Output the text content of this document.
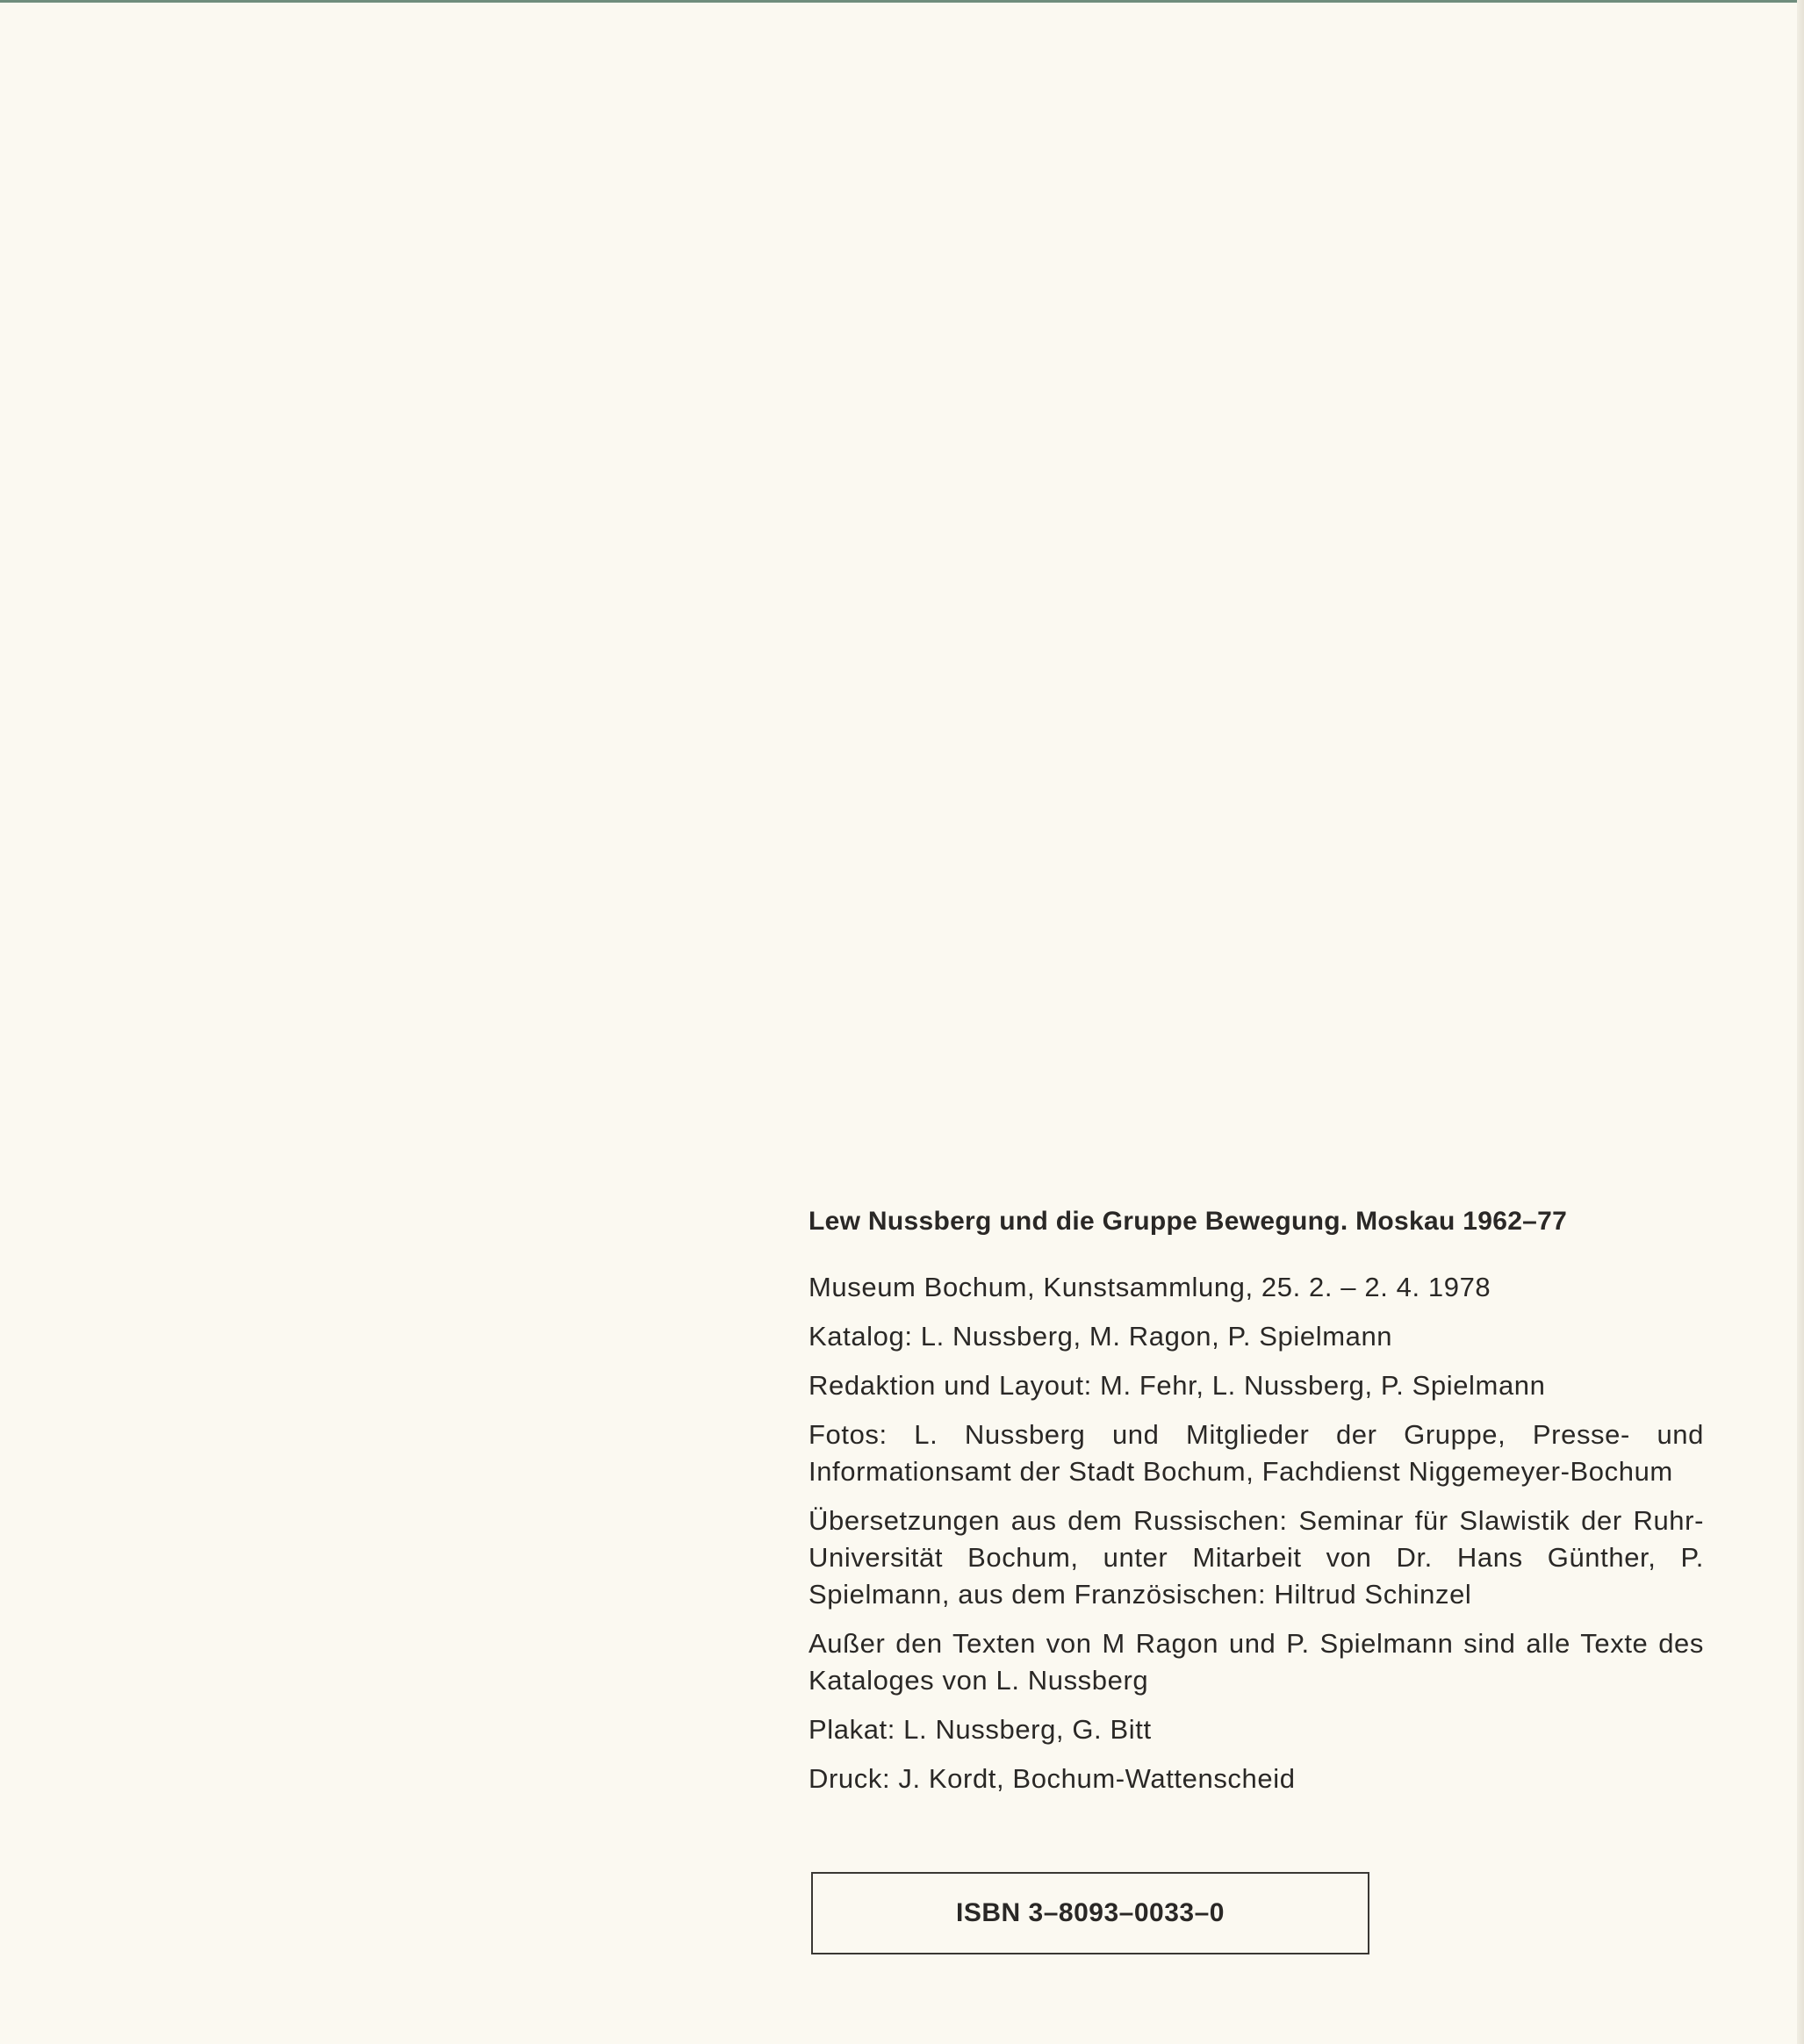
Lew Nussberg und die Gruppe Bewegung. Moskau 1962–77
Museum Bochum, Kunstsammlung, 25. 2. – 2. 4. 1978
Katalog: L. Nussberg, M. Ragon, P. Spielmann
Redaktion und Layout: M. Fehr, L. Nussberg, P. Spielmann
Fotos: L. Nussberg und Mitglieder der Gruppe, Presse- und Informationsamt der Stadt Bochum, Fachdienst Niggemeyer-Bochum
Übersetzungen aus dem Russischen: Seminar für Slawistik der Ruhr-Universität Bochum, unter Mitarbeit von Dr. Hans Günther, P. Spielmann, aus dem Französischen: Hiltrud Schinzel
Außer den Texten von M Ragon und P. Spielmann sind alle Texte des Kataloges von L. Nussberg
Plakat: L. Nussberg, G. Bitt
Druck: J. Kordt, Bochum-Wattenscheid
ISBN 3–8093–0033–0
